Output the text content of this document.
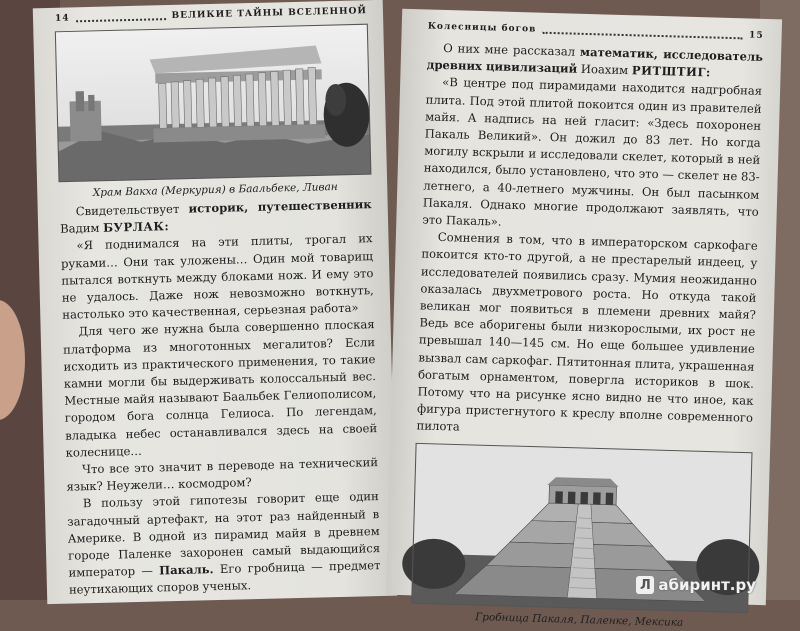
14	ВЕЛИКИЕ ТАЙНЫ ВСЕЛЕННОЙ
Храм Вакха (Меркурия) в Баальбеке, Ливан

Свидетельствует историк, путешественник Вадим БУРЛАК:

«Я поднимался на эти плиты, трогал их руками… Они так уложены… Один мой товарищ пытался воткнуть между блоками нож. И ему это не удалось. Даже нож невозможно воткнуть, настолько это качественная, серьезная работа»

Для чего же нужна была совершенно плоская платформа из многотонных мегалитов? Если исходить из практического применения, то такие камни могли бы выдерживать колоссальный вес. Местные майя называют Баальбек Гелиополисом, городом бога солнца Гелиоса. По легендам, владыка небес останавливался здесь на своей колеснице…

Что все это значит в переводе на технический язык? Неужели… космодром?

В пользу этой гипотезы говорит еще один загадочный артефакт, на этот раз найденный в Америке. В одной из пирамид майя в древнем городе Паленке захоронен самый выдающийся император — Пакаль. Его гробница — предмет неутихающих споров ученых.

Колесницы богов
15

О них мне рассказал математик, исследователь древних цивилизаций Иоахим РИТШТИГ:

«В центре под пирамидами находится надгробная плита. Под этой плитой покоится один из правителей майя. А надпись на ней гласит: «Здесь похоронен Пакаль Великий». Он дожил до 83 лет. Но когда могилу вскрыли и исследовали скелет, который в ней находился, было установлено, что это — скелет не 83-летнего, а 40-летнего мужчины. Он был пасынком Пакаля. Однако многие продолжают заявлять, что это Пакаль».

Сомнения в том, что в императорском саркофаге покоится кто-то другой, а не престарелый индеец, у исследователей появились сразу. Мумия неожиданно оказалась двухметрового роста. Но откуда такой великан мог появиться в племени древних майя? Ведь все аборигены были низкорослыми, их рост не превышал 140—145 см. Но еще большее удивление вызвал сам саркофаг. Пятитонная плита, украшенная богатым орнаментом, повергла историков в шок. Потому что на рисунке ясно видно не что иное, как фигура пристегнутого к креслу вполне современного пилота

Гробница Пакаля, Паленке, Мексика
Л абиринт.ру
